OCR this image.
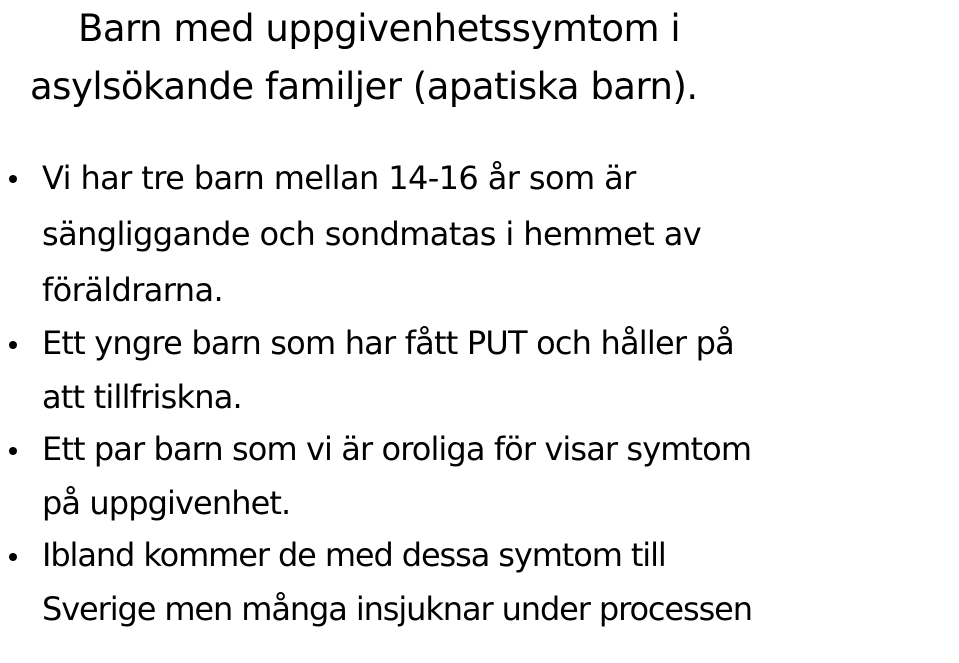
Barn med uppgivenhetssymtom i
asylsökande familjer (apatiska barn).
Vi har tre barn mellan 14-16 år som är
sängliggande och sondmatas i hemmet av
föräldrarna.
Ett yngre barn som har fått PUT och håller på
att tillfriskna.
Ett par barn som vi är oroliga för visar symtom
på uppgivenhet.
Ibland kommer de med dessa symtom till
Sverige men många insjuknar under processen
